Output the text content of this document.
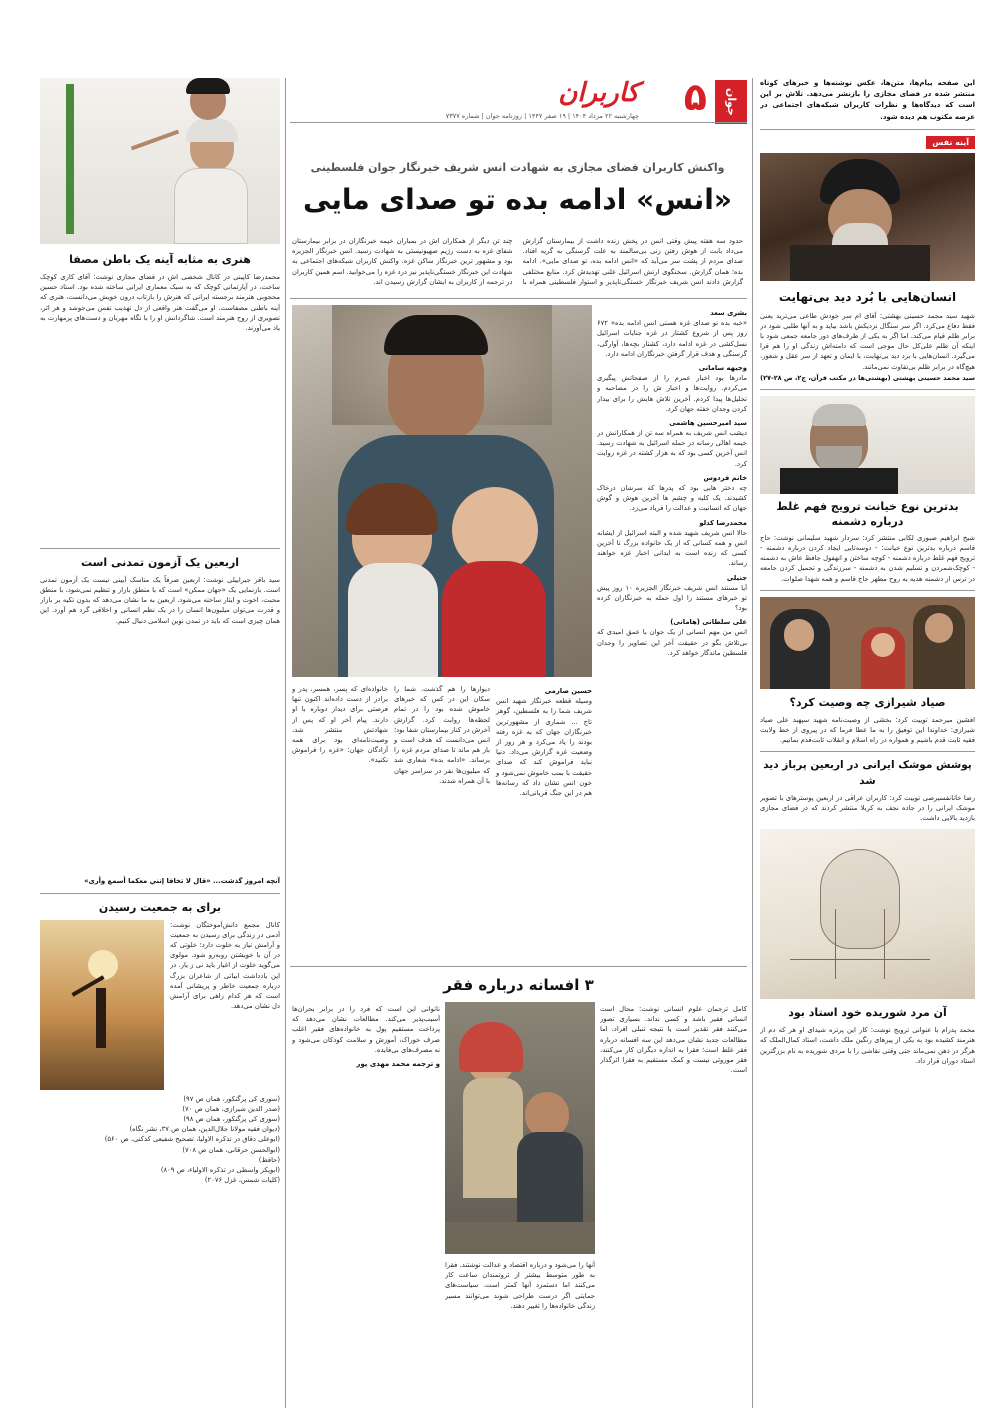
این صفحه پیام‌ها، متن‌ها، عکس نوشته‌ها و خبرهای کوتاه منتشر شده در فضای مجازی را بازنشر می‌دهد. تلاش بر این است که دیدگاه‌ها و نظرات کاربران شبکه‌های اجتماعی در عرصه مکتوب هم دیده شود.
آینه نفس
انسان‌هایی با بُرد دید بی‌نهایت
شهید سید محمد حسینی بهشتی: آقای ام سر خودش طاعی می‌ترید یعنی فقط دفاع می‌کرد. اگر سر سنگال نزدیکش باشد بیاید و به آنها طلبی شود در برابر ظلم قیام می‌کند. اما اگر به یکی از طرف‌های دور جامعه جمعی شود با اینکه آن ظلم علی‌کل حال موجی است که دامنه‌اش زندگی او را هم فرا می‌گیرد. انسان‌هایی با برد دید بی‌نهایت، با ایمان و تعهد از سر عقل و شعور، هیچ‌گاه در برابر ظلم بی‌تفاوت نمی‌مانند.
سید محمد حسینی بهشتی (بهشتی‌ها در مکتب قرآن، ج۲، ص ۲۸-۲۷)
بدترین نوع خیانت ترویج فهم غلط درباره دشمنه
شیخ ابراهیم صبوری لکابی منتشر کرد: سردار شهید سلیمانی نوشت: حاج قاسم درباره بدترین نوع خیانت: - دوسه‌تایی ایجاد کردن درباره دشمنه - ترویج فهم غلط درباره دشمنه - کوچه ساختن و انهفول جافظ عاش به دشمنه - کوچک‌شمردن و تسلیم شدن به دشمنه - سرزندگی و تحمیل کردن جامعه در ترس از دشمنه هدیه به روح مطهر حاج قاسم و همه شهدا صلوات.
صیاد شیرازی چه وصیت کرد؟
افشین میرحمد توییت کرد: بخشی از وصیت‌نامه شهید سپهبد علی صیاد شیرازی: خداوندا این توفیق را به ما عطا فرما که در پیروی از خط ولایت فقیه ثابت قدم باشیم و همواره در راه اسلام و انقلاب ثابت‌قدم بمانیم.
پوشش موشک ایرانی در اربعین پرباز دید شد
رضا خانانفسیرصی توییت کرد: کاربران عراقی در اربعین پوسترهای با تصویر موشک ایرانی را در جاده نجف به کربلا منتشر کردند که در فضای مجازی بازدید بالایی داشت.
آن مرد شوریده خود استاد بود
محمد پدرام با عنوانی ترویج نوشت: کار این پرتره شیدای او هر که دم از هنرمند کشیده بود به یکی از پیرهای رنگین ملک داشت، استاد کمال‌الملک که هرگز در ذهن نمی‌ماند حتی وقتی نقاشی را با مردی شوریده به نام بزرگترین استاد دوران قرار داد.
جوان
۵
کاربران
چهارشنبه ۲۲ مرداد ۱۴۰۴ | ۱۹ صفر ۱۴۴۷ | روزنامه جوان | شماره ۷۳۷۷
واکنش کاربران فضای مجازی به شهادت انس شریف خبرنگار جوان فلسطینی
«انس» ادامه بده تو صدای مایی
حدود سه هفته پیش وقتی انس در پخش زنده داشت از بیمارستان گزارش می‌داد بابت از هوش رفتن زنی بی‌سالمند به علت گرسنگی به گریه افتاد. صدای مردم از پشت سر می‌آید که «انس ادامه بده، تو صدای مایی». ادامه بده؛ همان گزارش. سخنگوی ارتش اسرائیل علنی تهدیدش کرد. منابع مختلفی گزارش دادند انس شریف خبرنگار خستگی‌ناپذیر و استوار فلسطینی همراه با چند تن دیگر از همکاران اش در بمباران خیمه خبرنگاران در برابر بیمارستان شفای غزه به دست رژیم صهیونیستی به شهادت رسید. انس خبرنگار الجزیره بود و مشهور ترین خبرنگار ساکن غزه. واکنش کاربران شبکه‌های اجتماعی به شهادت این خبرنگار خستگی‌ناپذیر نیز درد غزه را می‌خوابید. اسم همین کاربران در ترجمه از کاربران به ایشان گزارش رسیدن اند.
بشری سعد
«خبه بده تو صدای غزه هستی انس ادامه بده» ۶۷۲ روز پس از شروع کشتار در غزه جنایات اسرائیل نسل‌کشی در غزه ادامه دارد، کشتار بچه‌ها، آوارگی، گرسنگی و هدف قرار گرفتن خبرنگاران ادامه دارد.
وجیهه سامانی
مادرها بود اخبار عمرم را از صفحاتش پیگیری می‌کردم. روایت‌ها و اخبار ش را در مصاحبه و تحلیل‌ها پیدا کردم. آخرین تلاش هایش را برای بیدار کردن وجدان خفته جهان کرد.
سید امیرحسین هاشمی
دیشب انس شریف به همراه سه تن از همکارانش در خیمه اهالی رسانه در حمله اسرائیل به شهادت رسید. انس آخرین کسی بود که به هزار کشته در غزه روایت کرد.
خانم فردوس
چه دختر هایی بود که پدرها که سرشان درخاک کشیدند. یک کلیه و چشم ها آخرین هوش و گوش جهان که انسانیت و عدالت را فریاد می‌زد.
محمدرضا کدلو
حالا انس شریف شهید شده و البته اسرائیل از ایشانه انس و همه کسانی که از یک خانواده بزرگ تا آخرین کسی که زنده است به ایدانی اخبار غزه خواهند رساند.
جنیلی
آیا مستند انس شریف خبرنگار الجزیره ۱۰ روز پیش تو خبرهای مستند را اول حمله به خبرنگاران کرده بود؟
علی سلطانی (هامانی)
انس من مهم انسانی از یک جوان با عمق امیدی که بی‌تلاش بگو در حقیقت آخر این تصاویر را وجدان فلسطین ماندگار خواهد کرد.
حسین صارمی
وسیله قطعه خبرنگار شهید انس شریف شما را به فلسطین، گوهر تاج ... شماری از مشهورترین خبرنگاران جهان که به غزه رفته بودند را یاد می‌کرد و هر روز از وضعیت غزه گزارش می‌داد. دنیا نباید فراموش کند که صدای حقیقت با بمب خاموش نمی‌شود و خون انس نشان داد که رسانه‌ها هم در این جنگ قربانی‌اند.
دیوار‌ها را هم گذشت. شما را سکان این در کس که خبرهای خاموش شده بود را در تمام لحظه‌ها روایت کرد. گزارش آخرش در کنار بیمارستان شفا بود؛ انس می‌دانست که هدف است و باز هم ماند تا صدای مردم غزه را برساند. «ادامه بده» شعاری شد که میلیون‌ها نفر در سراسر جهان با آن همراه شدند.
خانواده‌ای که پسر، همسر، پدر و برادر از دست داده‌اند اکنون تنها فرصتی برای دیدار دوباره با او دارند. پیام آخر او که پس از شهادتش منتشر شد، وصیت‌نامه‌ای بود برای همه آزادگان جهان: «غزه را فراموش نکنید».
۳ افسانه درباره فقر
کامل ترجمان علوم انسانی نوشت: محال است انسانی فقیر باشد و کسی نداند. بسیاری تصور می‌کنند فقر تقدیر است یا نتیجه تنبلی افراد، اما مطالعات جدید نشان می‌دهد این سه افسانه درباره فقر غلط است؛ فقرا به اندازه دیگران کار می‌کنند، فقر موروثی نیست و کمک مستقیم به فقرا اثرگذار است.
آنها را می‌شود و درباره اقتصاد و عدالت نوشتند. فقرا به طور متوسط بیشتر از ثروتمندان ساعت کار می‌کنند اما دستمزد آنها کمتر است. سیاست‌های حمایتی اگر درست طراحی شوند می‌توانند مسیر زندگی خانواده‌ها را تغییر دهند.
ناتوانی این است که فرد را در برابر بحران‌ها آسیب‌پذیر می‌کند. مطالعات نشان می‌دهد که پرداخت مستقیم پول به خانواده‌های فقیر اغلب صرف خوراک، آموزش و سلامت کودکان می‌شود و نه مصرف‌های بی‌فایده.
و ترجمه محمد مهدی پور
هنری به مثابه آینه یک باطن مصفا
محمدرضا کاپینی در کانال شخصی اش در فضای مجازی نوشت: آقای کاری کوچک ساخت، در آپارتمانی کوچک که به سبک معماری ایرانی ساخته شده بود. استاد حسین محجوبی هنرمند برجسته ایرانی که هنرش را بازتاب درون خویش می‌دانست، هنری که آینه باطنی مصفاست. او می‌گفت هنر واقعی از دل تهذیب نفس می‌جوشد و هر اثر، تصویری از روح هنرمند است. شاگردانش او را با نگاه مهربان و دست‌های پرمهارت به یاد می‌آورند.
اربعین یک آزمون تمدنی است
سید باقر جبراییلی نوشت: اربعین صرفاً یک مناسک آیینی نیست یک آزمون تمدنی است. بازنمایی یک «جهان ممکن» است که با منطق بازار و تنظیم نمی‌شود، با منطق محبت، اخوت و ایثار ساخته می‌شود. اربعین به ما نشان می‌دهد که بدون تکیه بر بازار و قدرت می‌توان میلیون‌ها انسان را در یک نظم انسانی و اخلاقی گرد هم آورد. این همان چیزی است که باید در تمدن نوین اسلامی دنبال کنیم.
آنچه امروز گذشت... «قال لا تخافا إنني معكما أسمع وأرى»
برای به جمعیت رسیدن
کانال مجمع دانش‌آموختگان نوشت: آدمی در زندگی برای رسیدن به جمعیت و آرامش نیاز به خلوت دارد؛ خلوتی که در آن با خویشتن روبه‌رو شود. مولوی می‌گوید خلوت از اغیار باید نی ز یار. در این یادداشت ابیاتی از شاعران بزرگ درباره جمعیت خاطر و پریشانی آمده است که هر کدام راهی برای آرامش دل نشان می‌دهد.
(سوری کی پرگنکور، همان ص ۹۷)
(صدر الدین شیرازی، همان ص ۷۰)
(سوری کی پرگنکور، همان ص ۹۸)
(دیوان فقیه مولانا جلال‌الدین، همان ص ۳۷، نشر نگاه)
(ابوعلی دقاق در تذکره الاولیا، تصحیح شفیعی کدکنی، ص ۵۶۰)
(ابوالحسن حرقانی، همان ص ۷۰۸)
(حافظ)
(ابویکر واسطی در تذکره الاولیاء، ص ۸۰۹)
(کلیات شمس، غزل ۲۰۷۶)
